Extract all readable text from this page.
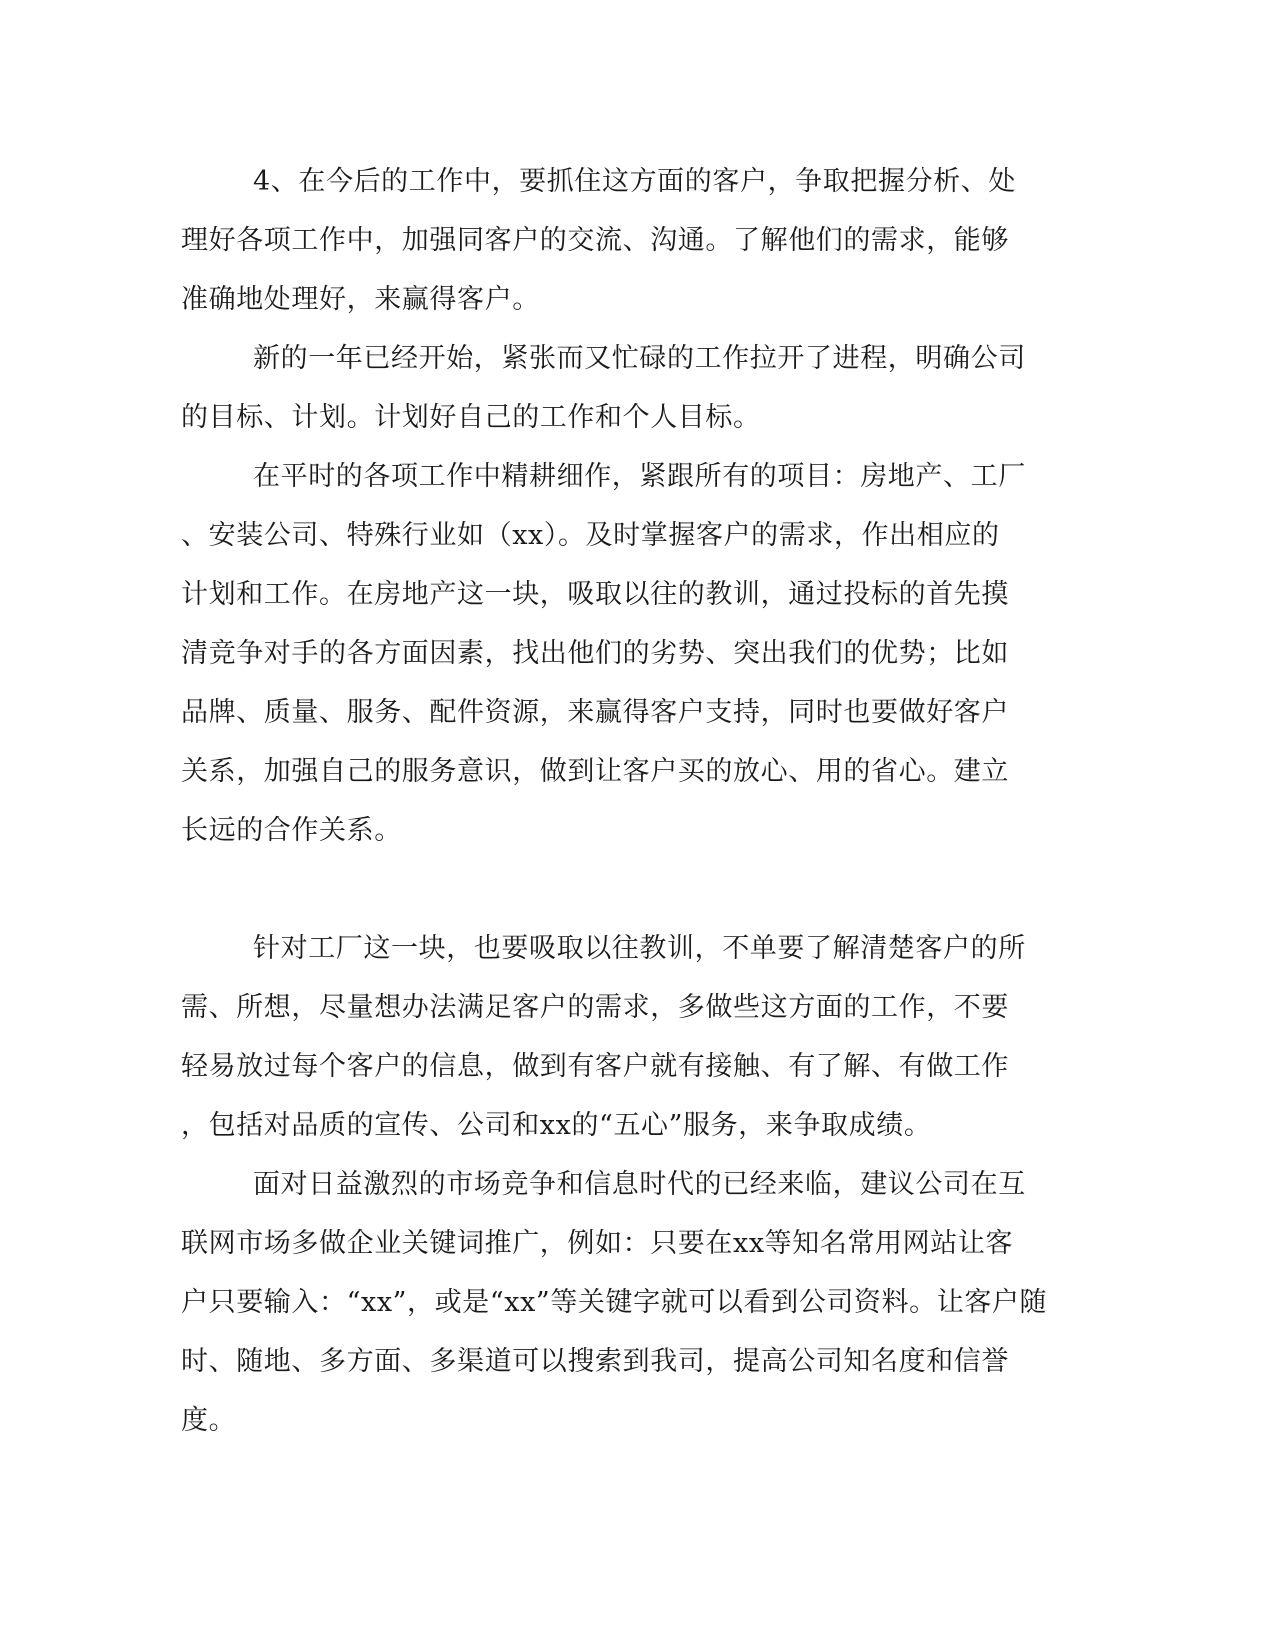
4、在今后的工作中，要抓住这方面的客户，争取把握分析、处
理好各项工作中，加强同客户的交流、沟通。了解他们的需求，能够
准确地处理好，来赢得客户。
新的一年已经开始，紧张而又忙碌的工作拉开了进程，明确公司
的目标、计划。计划好自己的工作和个人目标。
在平时的各项工作中精耕细作，紧跟所有的项目：房地产、工厂
、安装公司、特殊行业如（xx）。及时掌握客户的需求，作出相应的
计划和工作。在房地产这一块，吸取以往的教训，通过投标的首先摸
清竞争对手的各方面因素，找出他们的劣势、突出我们的优势；比如
品牌、质量、服务、配件资源，来赢得客户支持，同时也要做好客户
关系，加强自己的服务意识，做到让客户买的放心、用的省心。建立
长远的合作关系。
针对工厂这一块，也要吸取以往教训，不单要了解清楚客户的所
需、所想，尽量想办法满足客户的需求，多做些这方面的工作，不要
轻易放过每个客户的信息，做到有客户就有接触、有了解、有做工作
，包括对品质的宣传、公司和xx的“五心”服务，来争取成绩。
面对日益激烈的市场竞争和信息时代的已经来临，建议公司在互
联网市场多做企业关键词推广，例如：只要在xx等知名常用网站让客
户只要输入：“xx”，或是“xx”等关键字就可以看到公司资料。让客户随
时、随地、多方面、多渠道可以搜索到我司，提高公司知名度和信誉
度。
